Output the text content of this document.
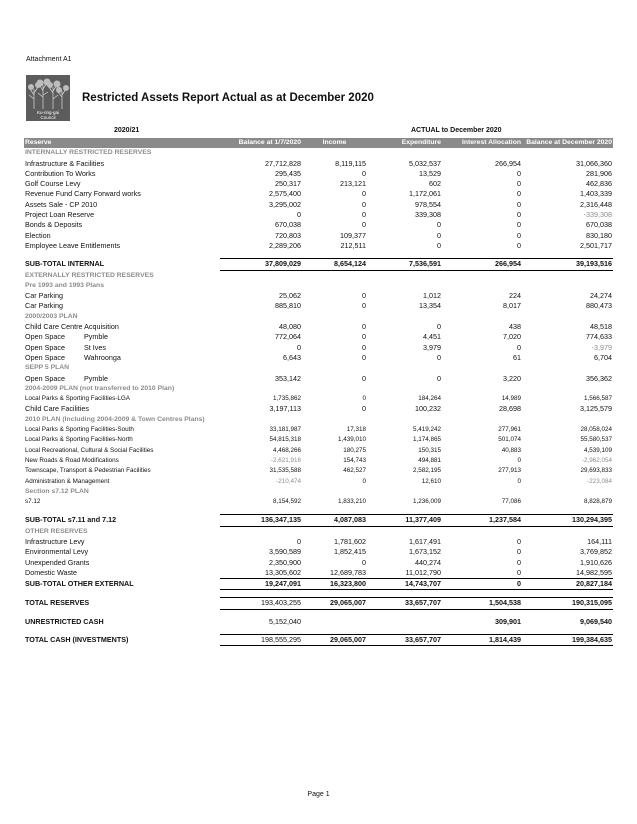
Attachment A1
Ku-ring-gai
Council
Restricted Assets Report Actual as at December 2020
2020/21	ACTUAL to December 2020
Reserve	Balance at 1/7/2020	Income	Expenditure	Interest Allocation	Balance at December 2020
INTERNALLY RESTRICTED RESERVES					
Infrastructure & Facilities	27,712,828	8,119,115	5,032,537	266,954	31,066,360
Contribution To Works	295,435	0	13,529	0	281,906
Golf Course Levy	250,317	213,121	602	0	462,836
Revenue Fund Carry Forward works	2,575,400	0	1,172,061	0	1,403,339
Assets Sale - CP 2010	3,295,002	0	978,554	0	2,316,448
Project Loan Reserve	0	0	339,308	0	-339,308
Bonds & Deposits	670,038	0	0	0	670,038
Election	720,803	109,377	0	0	830,180
Employee Leave Entitlements	2,289,206	212,511	0	0	2,501,717

SUB-TOTAL INTERNAL	37,809,029	8,654,124	7,536,591	266,954	39,193,516
EXTERNALLY RESTRICTED RESERVES					
Pre 1993 and 1993 Plans					
Car Parking	25,062	0	1,012	224	24,274
Car Parking	885,810	0	13,354	8,017	880,473
2000/2003 PLAN					
Child Care Centre Acquisition	48,080	0	0	438	48,518
Open Space Pymble	772,064	0	4,451	7,020	774,633
Open Space St Ives	0	0	3,979	0	-3,979
Open Space Wahroonga	6,643	0	0	61	6,704
SEPP 5 PLAN					
Open Space Pymble	353,142	0	0	3,220	356,362
2004-2009 PLAN (not transferred to 2010 Plan)					
Local Parks & Sporting Facilities-LGA	1,735,862	0	184,264	14,989	1,566,587
Child Care Facilities	3,197,113	0	100,232	28,698	3,125,579
2010 PLAN (Including 2004-2009 & Town Centres Plans)					
Local Parks & Sporting Facilities-South	33,181,987	17,318	5,419,242	277,961	28,058,024
Local Parks & Sporting Facilities-North	54,815,318	1,439,010	1,174,865	501,074	55,580,537
Local Recreational, Cultural & Social Facilities	4,468,266	180,275	150,315	40,883	4,539,109
New Roads & Road Modifications	-2,621,916	154,743	494,881	0	-2,962,054
Townscape, Transport & Pedestrian Facilities	31,535,588	462,527	2,582,195	277,913	29,693,833
Administration & Management	-210,474	0	12,610	0	-223,084
Section s7.12 PLAN					
s7.12	8,154,592	1,833,210	1,236,009	77,086	8,828,879

SUB-TOTAL s7.11 and 7.12	136,347,135	4,087,083	11,377,409	1,237,584	130,294,395
OTHER RESERVES					
Infrastructure Levy	0	1,781,602	1,617,491	0	164,111
Environmental Levy	3,590,589	1,852,415	1,673,152	0	3,769,852
Unexpended Grants	2,350,900	0	440,274	0	1,910,626
Domestic Waste	13,305,602	12,689,783	11,012,790	0	14,982,595
SUB-TOTAL OTHER EXTERNAL	19,247,091	16,323,800	14,743,707	0	20,827,184

TOTAL RESERVES	193,403,255	29,065,007	33,657,707	1,504,538	190,315,095

UNRESTRICTED CASH	5,152,040			309,901	9,069,540

TOTAL CASH (INVESTMENTS)	198,555,295	29,065,007	33,657,707	1,814,439	199,384,635
Page 1
